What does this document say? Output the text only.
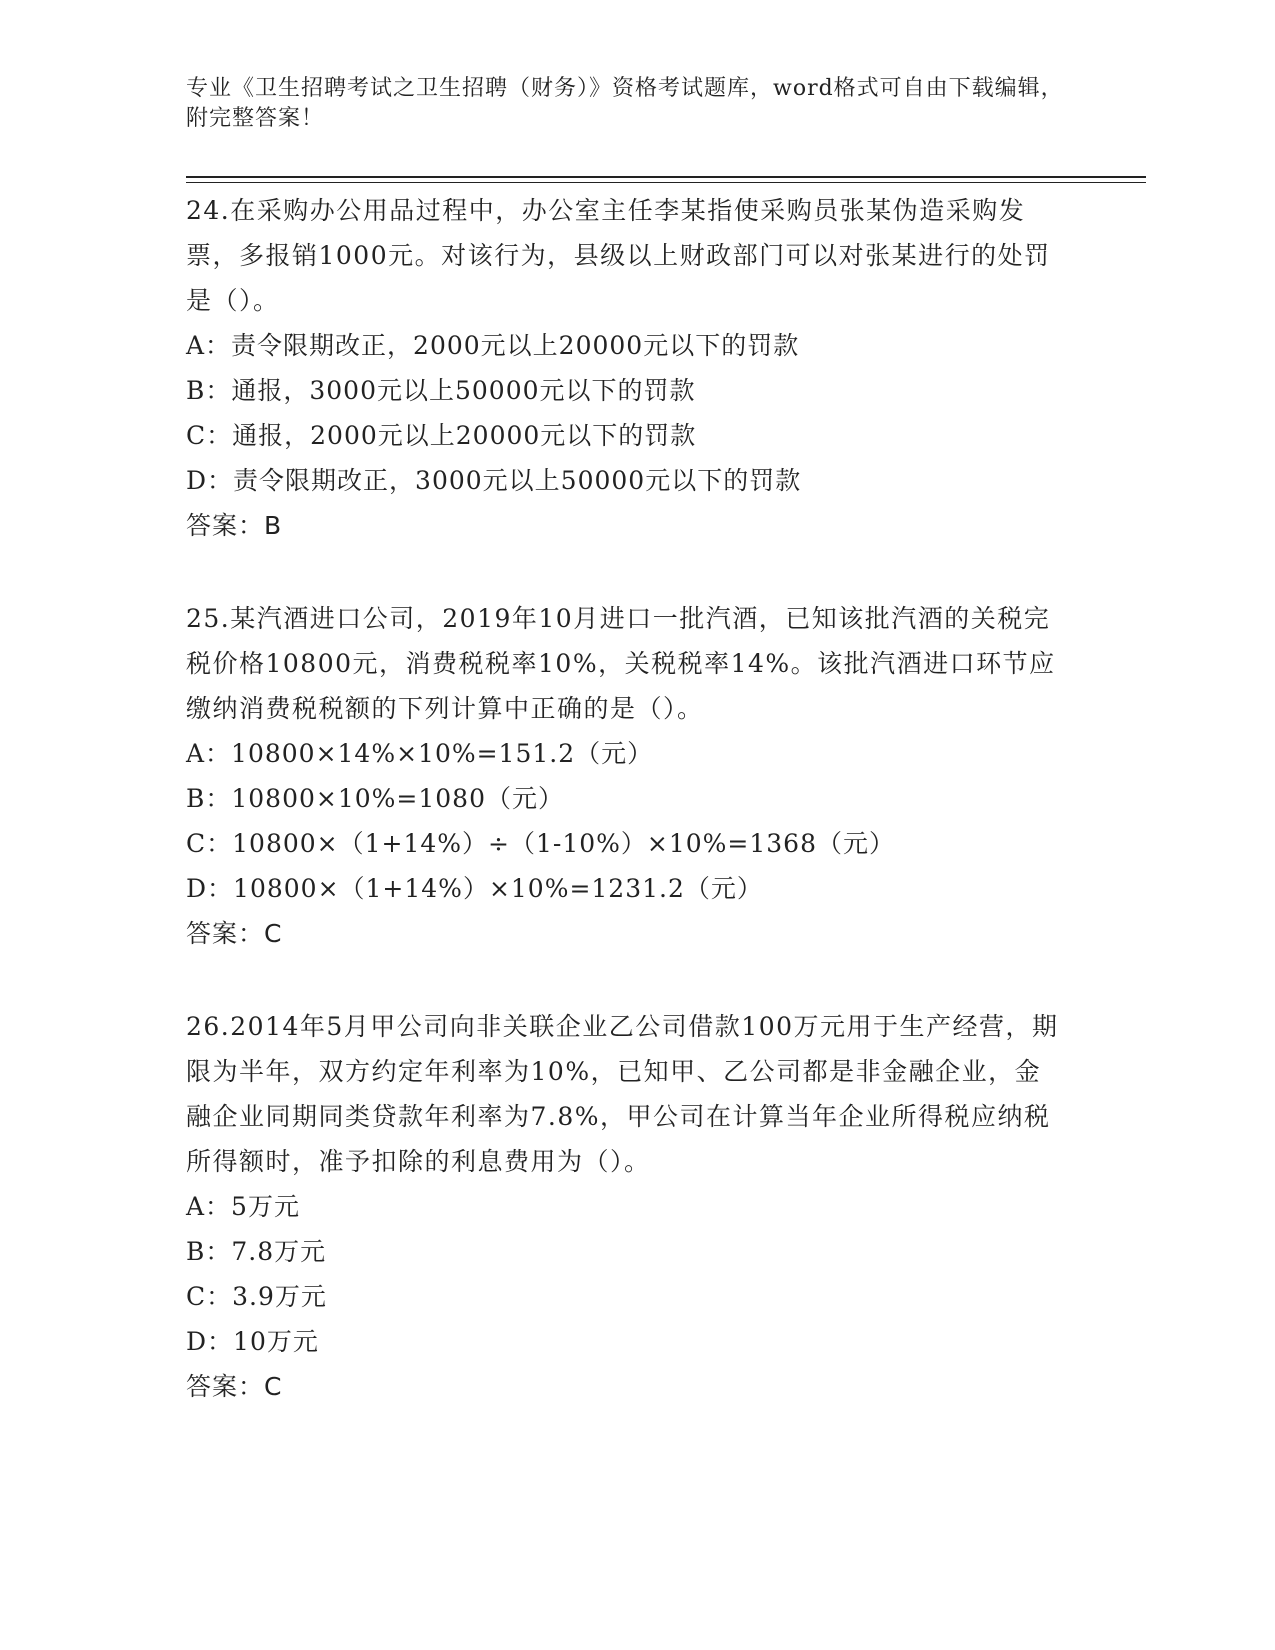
专业《卫生招聘考试之卫生招聘（财务）》资格考试题库，word格式可自由下载编辑，附完整答案！

24.在采购办公用品过程中，办公室主任李某指使采购员张某伪造采购发票，多报销1000元。对该行为，县级以上财政部门可以对张某进行的处罚是（）。

A：责令限期改正，2000元以上20000元以下的罚款

B：通报，3000元以上50000元以下的罚款

C：通报，2000元以上20000元以下的罚款

D：责令限期改正，3000元以上50000元以下的罚款

答案：B

25.某汽酒进口公司，2019年10月进口一批汽酒，已知该批汽酒的关税完税价格10800元，消费税税率10%，关税税率14%。该批汽酒进口环节应缴纳消费税税额的下列计算中正确的是（）。

A：10800×14%×10%=151.2（元）

B：10800×10%=1080（元）

C：10800×（1+14%）÷（1-10%）×10%=1368（元）

D：10800×（1+14%）×10%=1231.2（元）

答案：C

26.2014年5月甲公司向非关联企业乙公司借款100万元用于生产经营，期限为半年，双方约定年利率为10%，已知甲、乙公司都是非金融企业，金融企业同期同类贷款年利率为7.8%，甲公司在计算当年企业所得税应纳税所得额时，准予扣除的利息费用为（）。

A：5万元

B：7.8万元

C：3.9万元

D：10万元

答案：C
